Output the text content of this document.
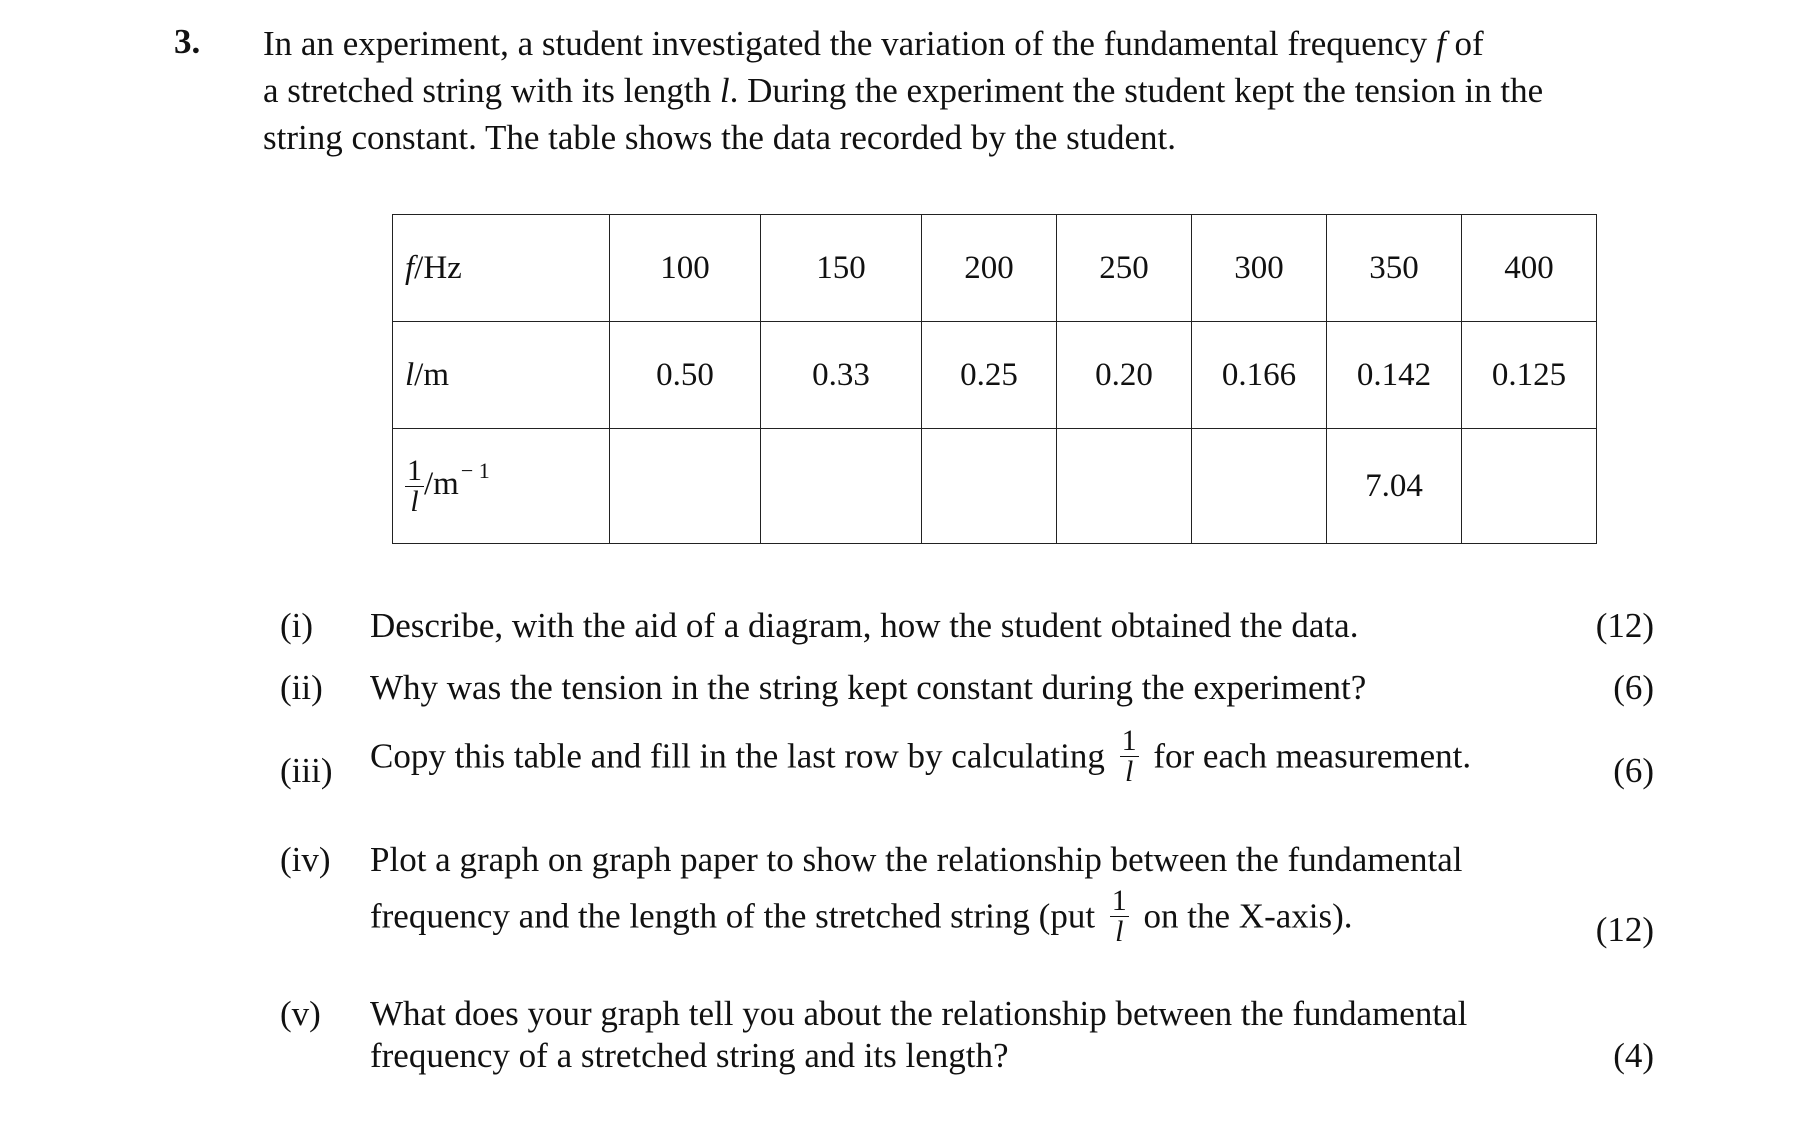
3. In an experiment, a student investigated the variation of the fundamental frequency f of

a stretched string with its length l. During the experiment the student kept the tension in the

string constant. The table shows the data recorded by the student.

f/Hz	100	150	200	250	300	350	400
l/m	0.50	0.33	0.25	0.20	0.166	0.142	0.125

$\frac{1}{l} /m^{- 1}$						7.04	
(i) Describe, with the aid of a diagram, how the student obtained the data.	(12)
(ii) Why was the tension in the string kept constant during the experiment?	(6)
(iii) Copy this table and fill in the last row by calculating $\frac{1}{l}$ for each measurement.	(6)
(iv) Plot a graph on graph paper to show the relationship between the fundamental
frequency and the length of the stretched string ($put \frac{1}{l}$ on the X-axis).	(12)
(v) What does your graph tell you about the relationship between the fundamental
frequency of a stretched string and its length?	(4)
